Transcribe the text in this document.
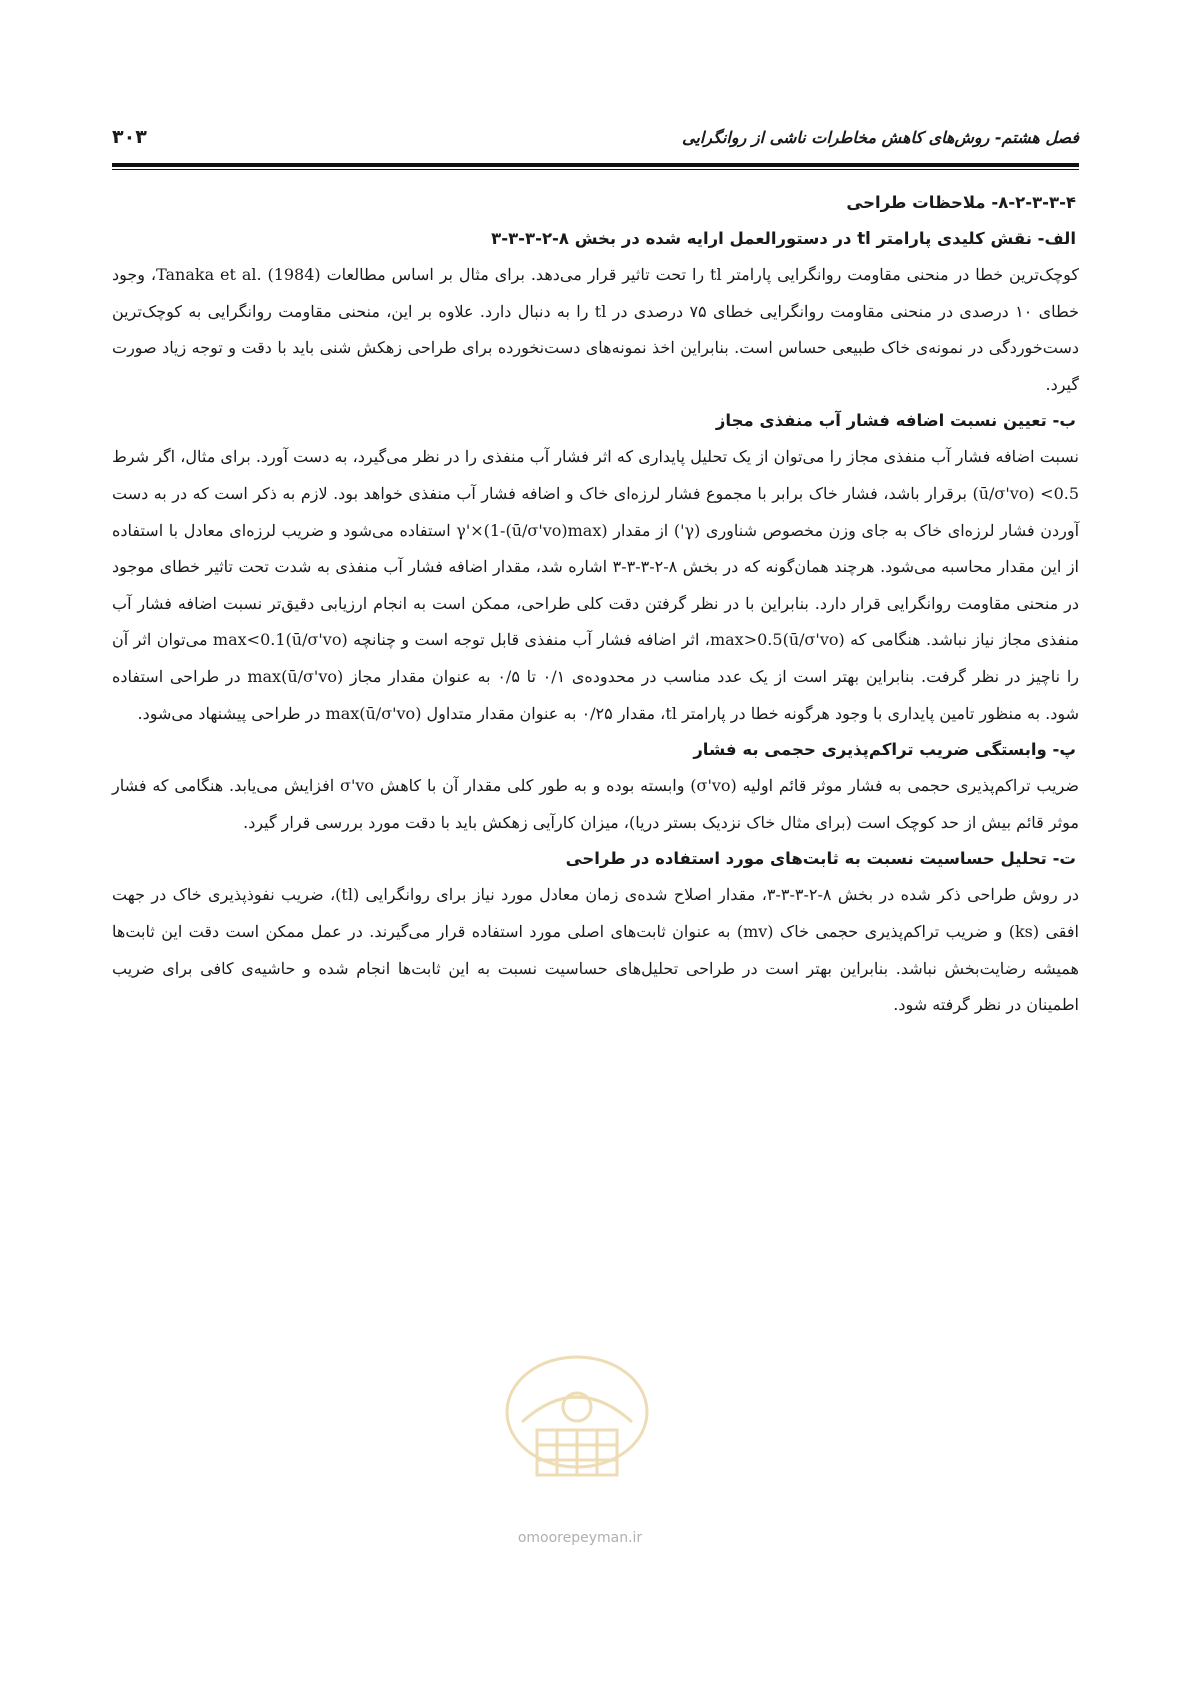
فصل هشتم- روش‌های کاهش مخاطرات ناشی از روانگرایی
۳۰۳
۸-۲-۳-۳-۴- ملاحظات طراحی
الف- نقش کلیدی پارامتر tl در دستورالعمل ارایه شده در بخش ۸-۲-۳-۳-۳

کوچک‌ترین خطا در منحنی مقاومت روانگرایی پارامتر tl را تحت تاثیر قرار می‌دهد. برای مثال بر اساس مطالعات Tanaka et al. (1984)، وجود خطای ۱۰ درصدی در منحنی مقاومت روانگرایی خطای ۷۵ درصدی در tl را به دنبال دارد. علاوه بر این، منحنی مقاومت روانگرایی به کوچک‌ترین دست‌خوردگی در نمونه‌ی خاک طبیعی حساس است. بنابراین اخذ نمونه‌های دست‌نخورده برای طراحی زهکش شنی باید با دقت و توجه زیاد صورت گیرد.

ب- تعیین نسبت اضافه فشار آب منفذی مجاز

نسبت اضافه فشار آب منفذی مجاز را می‌توان از یک تحلیل پایداری که اثر فشار آب منفذی را در نظر می‌گیرد، به دست آورد. برای مثال، اگر شرط 0.5> (ū/σ'vo) برقرار باشد، فشار خاک برابر با مجموع فشار لرزه‌ای خاک و اضافه فشار آب منفذی خواهد بود. لازم به ذکر است که در به دست آوردن فشار لرزه‌ای خاک به جای وزن مخصوص شناوری (γ') از مقدار γ'×(1-(ū/σ'vo)max) استفاده می‌شود و ضریب لرزه‌ای معادل با استفاده از این مقدار محاسبه می‌شود. هرچند همان‌گونه که در بخش ۸-۲-۳-۳-۳ اشاره شد، مقدار اضافه فشار آب منفذی به شدت تحت تاثیر خطای موجود در منحنی مقاومت روانگرایی قرار دارد. بنابراین با در نظر گرفتن دقت کلی طراحی، ممکن است به انجام ارزیابی دقیق‌تر نسبت اضافه فشار آب منفذی مجاز نیاز نباشد. هنگامی که (ū/σ'vo)max>0.5، اثر اضافه فشار آب منفذی قابل توجه است و چنانچه (ū/σ'vo)max<0.1 می‌توان اثر آن را ناچیز در نظر گرفت. بنابراین بهتر است از یک عدد مناسب در محدوده‌ی ۰/۱ تا ۰/۵ به عنوان مقدار مجاز (ū/σ'vo)max در طراحی استفاده شود. به منظور تامین پایداری با وجود هرگونه خطا در پارامتر tl، مقدار ۰/۲۵ به عنوان مقدار متداول (ū/σ'vo)max در طراحی پیشنهاد می‌شود.

پ- وابستگی ضریب تراکم‌پذیری حجمی به فشار

ضریب تراکم‌پذیری حجمی به فشار موثر قائم اولیه (σ'vo) وابسته بوده و به طور کلی مقدار آن با کاهش σ'vo افزایش می‌یابد. هنگامی که فشار موثر قائم بیش از حد کوچک است (برای مثال خاک نزدیک بستر دریا)، میزان کارآیی زهکش باید با دقت مورد بررسی قرار گیرد.

ت- تحلیل حساسیت نسبت به ثابت‌های مورد استفاده در طراحی

در روش طراحی ذکر شده در بخش ۸-۲-۳-۳-۳، مقدار اصلاح شده‌ی زمان معادل مورد نیاز برای روانگرایی (tl)، ضریب نفوذپذیری خاک در جهت افقی (ks) و ضریب تراکم‌پذیری حجمی خاک (mv) به عنوان ثابت‌های اصلی مورد استفاده قرار می‌گیرند. در عمل ممکن است دقت این ثابت‌ها همیشه رضایت‌بخش نباشد. بنابراین بهتر است در طراحی تحلیل‌های حساسیت نسبت به این ثابت‌ها انجام شده و حاشیه‌ی کافی برای ضریب اطمینان در نظر گرفته شود.

omoorepeyman.ir
